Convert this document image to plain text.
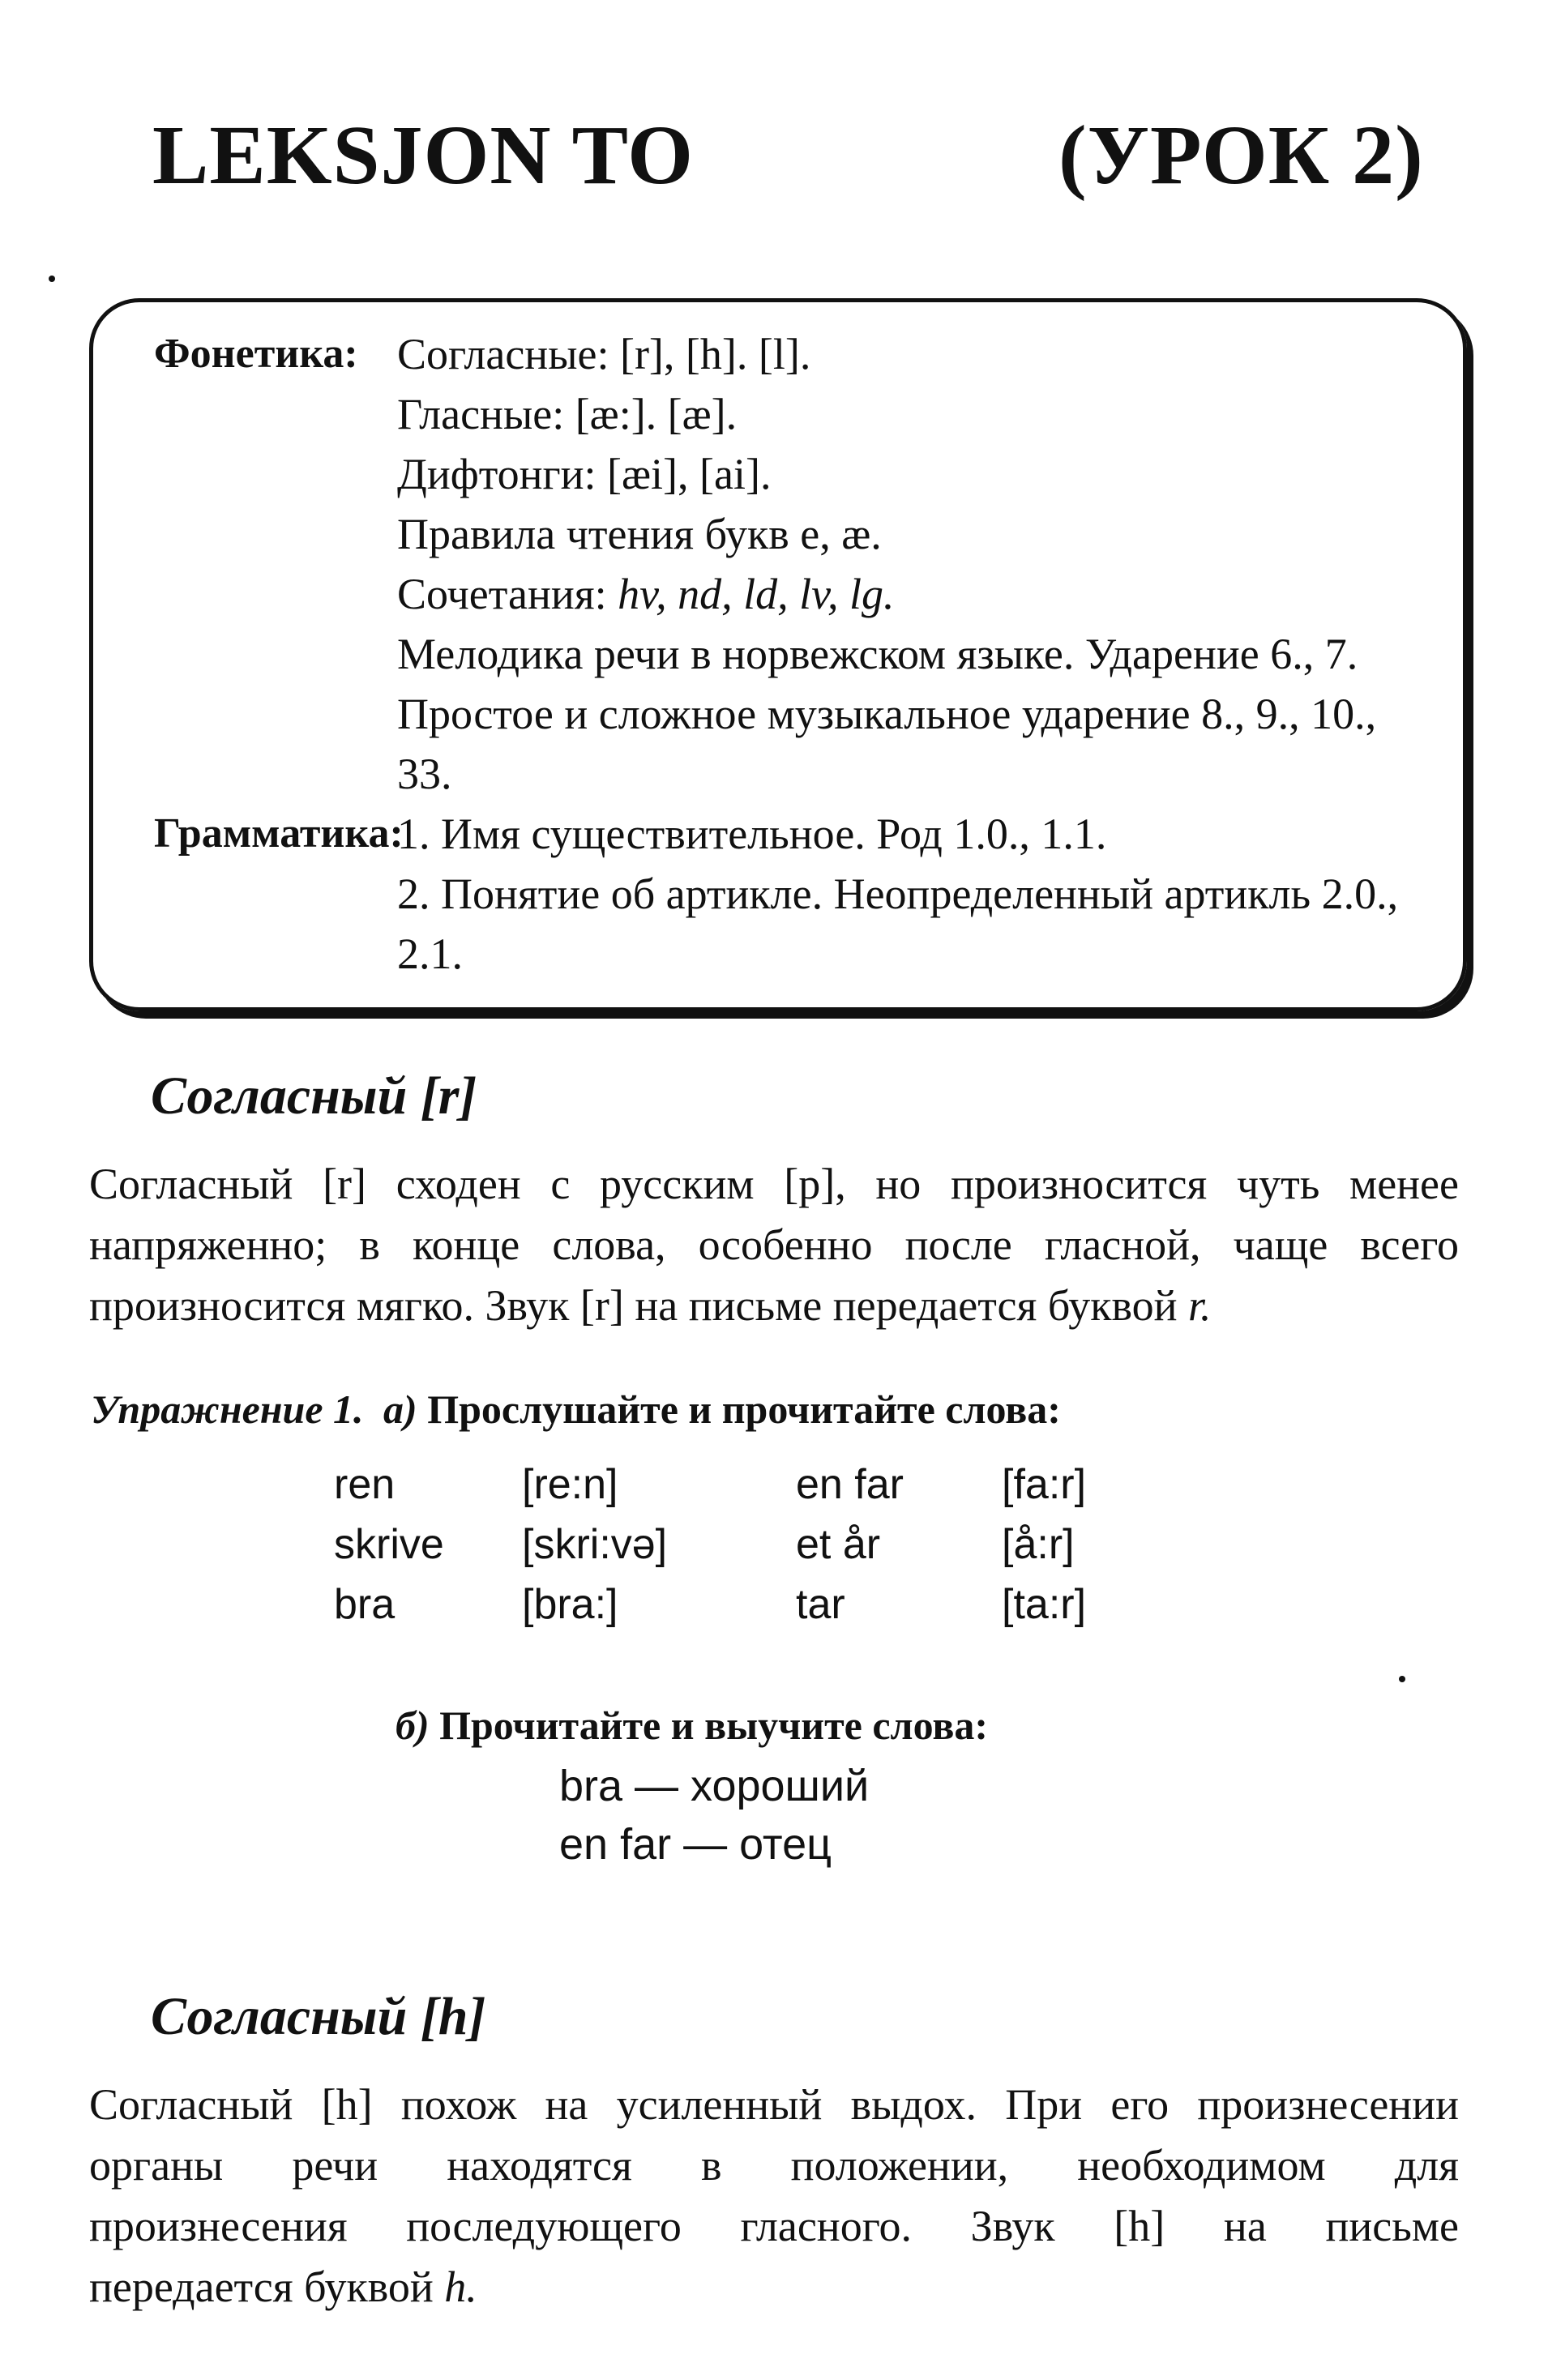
LEKSJON TO	(УРОК 2)
Фонетика: Согласные: [r], [h]. [l].
Гласные: [æ:]. [æ].
Дифтонги: [æi], [ai].
Правила чтения букв е, æ.
Сочетания: hv, nd, ld, lv, lg.
Мелодика речи в норвежском языке. Ударение 6., 7.
Простое и сложное музыкальное ударение 8., 9., 10.,
33.
Грамматика:
1. Имя существительное. Род 1.0., 1.1.
2. Понятие об артикле. Неопределенный артикль 2.0.,
2.1.
Согласный [r]
Согласный [r] сходен с русским [р], но произносится чуть менее
напряженно; в конце слова, особенно после гласной, чаще всего
произносится мягко. Звук [r] на письме передается буквой r.
Упражнение 1. а) Прослушайте и прочитайте слова:
ren	[re:n]	en far [fa:r]
skrive [skri:və]	et år	[å:r]
bra	[bra:]	tar	[ta:r]
б) Прочитайте и выучите слова:
bra — хороший
en far — отец
Согласный [h]
Согласный [h] похож на усиленный выдох. При его произнесении
органы речи находятся в положении, необходимом для
произнесения последующего гласного. Звук [h] на письме
передается буквой h.
